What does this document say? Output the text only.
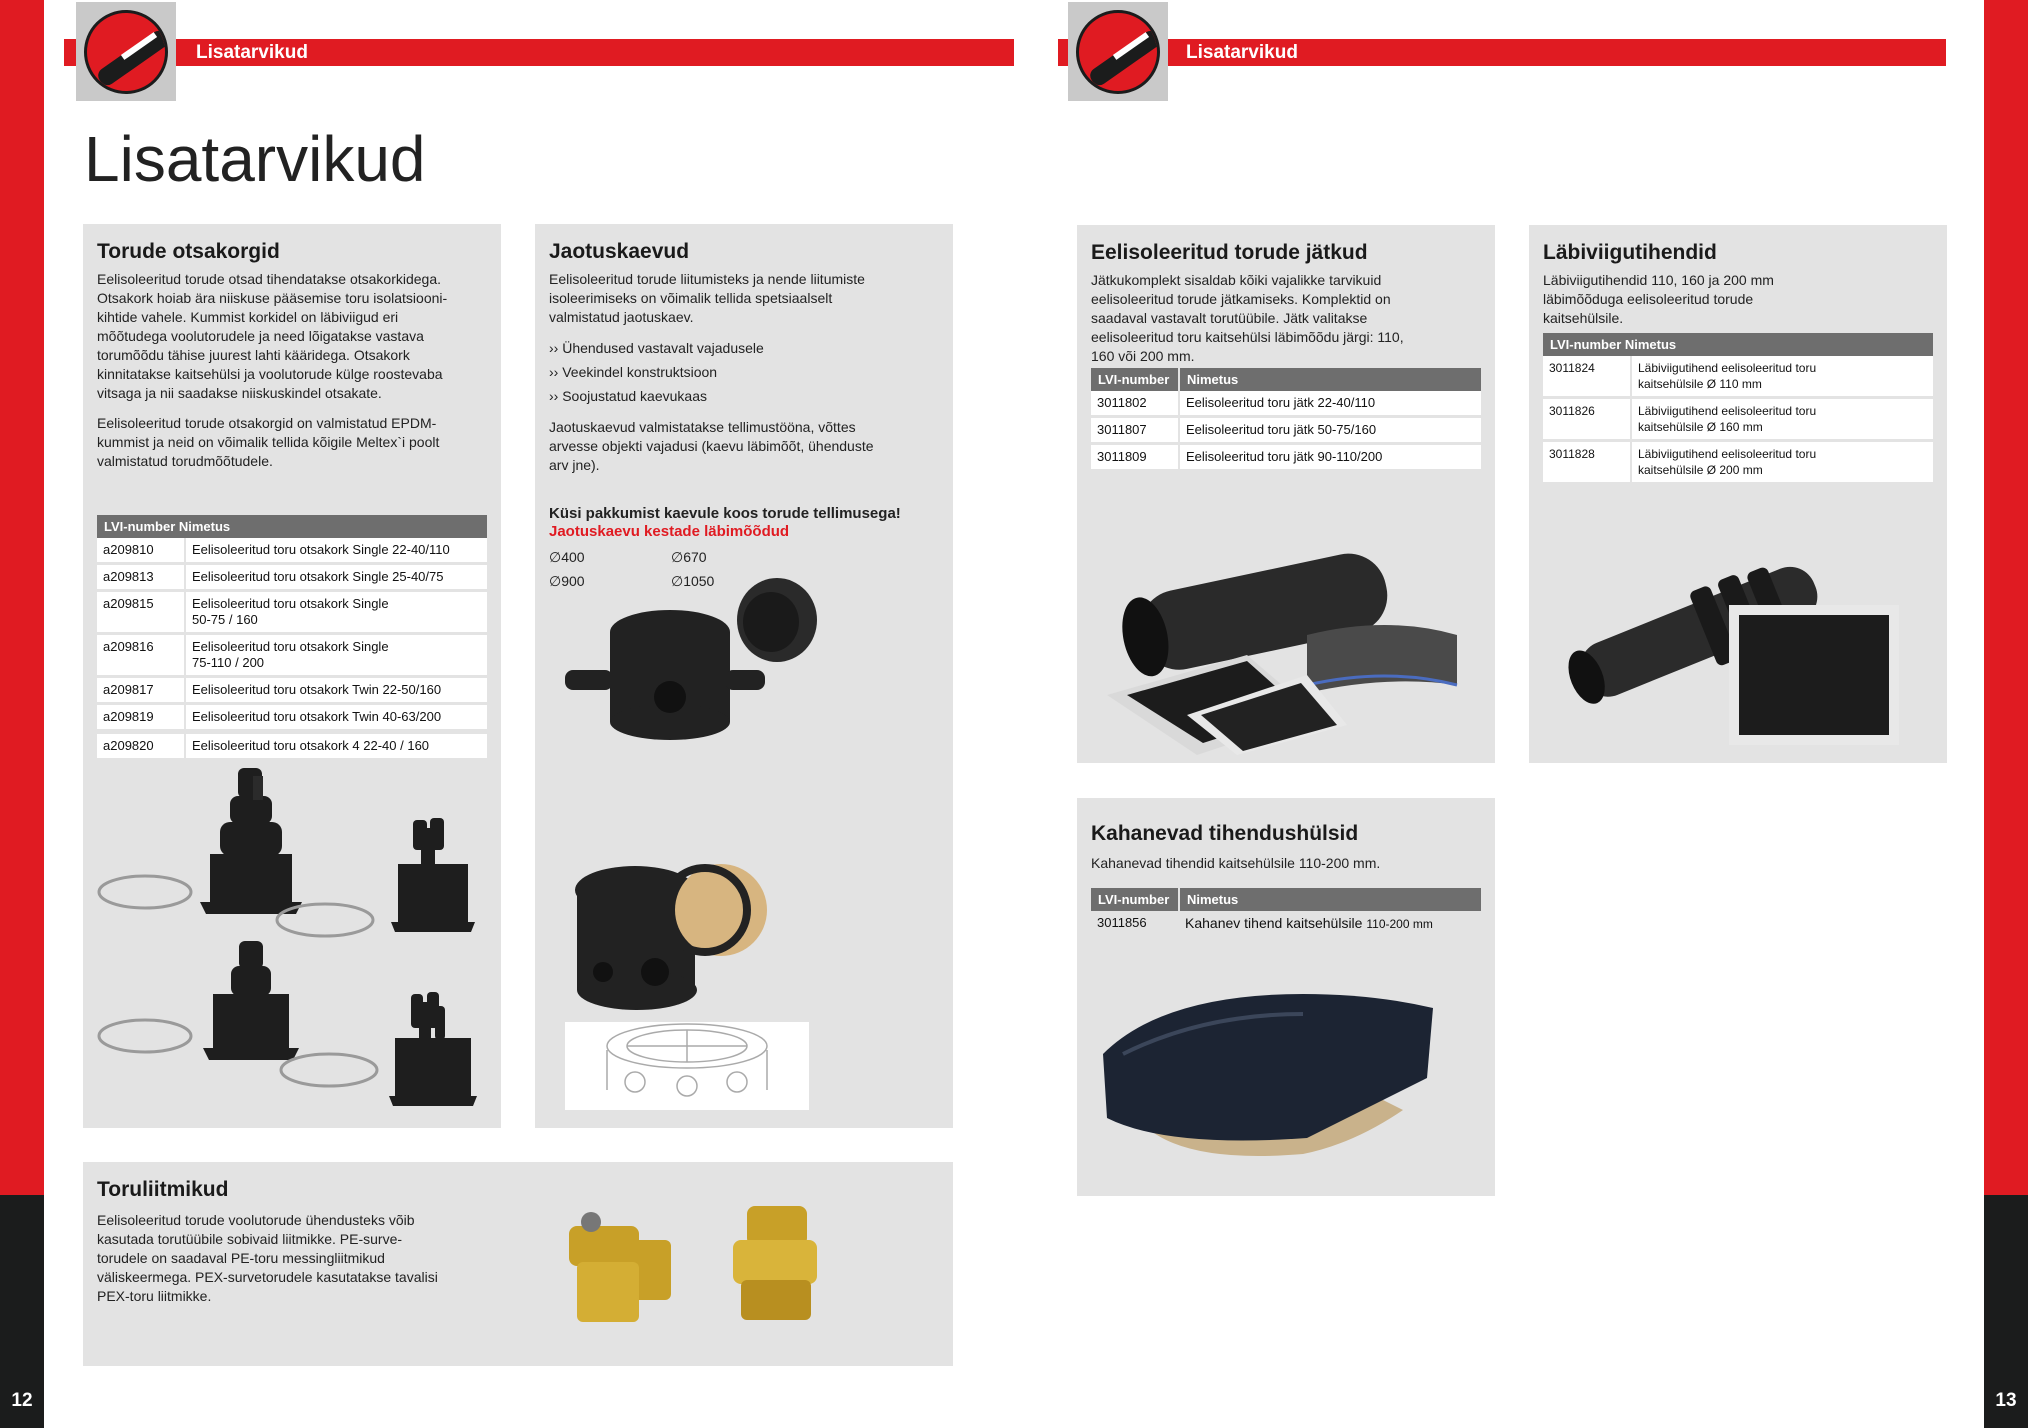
12	13
Lisatarvikud	Lisatarvikud
Lisatarvikud
Torude otsakorgid
Eelisoleeritud torude otsad tihendatakse otsakorkidega.
Otsakork hoiab ära niiskuse pääsemise toru isolatsiooni-
kihtide vahele. Kummist korkidel on läbiviigud eri
mõõtudega voolutorudele ja need lõigatakse vastava
torumõõdu tähise juurest lahti kääridega. Otsakork
kinnitatakse kaitsehülsi ja voolutorude külge roostevaba
vitsaga ja nii saadakse niiskuskindel otsakate.
Eelisoleeritud torude otsakorgid on valmistatud EPDM-
kummist ja neid on võimalik tellida kõigile Meltex`i poolt
valmistatud torudmõõtudele.
LVI-number Nimetus	
a209810	Eelisoleeritud toru otsakork Single 22-40/110
a209813	Eelisoleeritud toru otsakork Single 25-40/75
a209815	Eelisoleeritud toru otsakork Single
50-75 / 160

a209816	Eelisoleeritud toru otsakork Single
75-110 / 200

a209817	Eelisoleeritud toru otsakork Twin 22-50/160
a209819	Eelisoleeritud toru otsakork Twin 40-63/200
a209820	Eelisoleeritud toru otsakork 4 22-40 / 160
Jaotuskaevud
Eelisoleeritud torude liitumisteks ja nende liitumiste
isoleerimiseks on võimalik tellida spetsiaalselt
valmistatud jaotuskaev.
›› Ühendused vastavalt vajadusele
›› Veekindel konstruktsioon
›› Soojustatud kaevukaas
Jaotuskaevud valmistatakse tellimustööna, võttes
arvesse objekti vajadusi (kaevu läbimõõt, ühenduste
arv jne).
Küsi pakkumist kaevule koos torude tellimusega!
Jaotuskaevu kestade läbimõõdud
∅400	∅670
∅900	∅1050
Toruliitmikud
Eelisoleeritud torude voolutorude ühendusteks võib
kasutada torutüübile sobivaid liitmikke. PE-surve-
torudele on saadaval PE-toru messingliitmikud
väliskeermega. PEX-survetorudele kasutatakse tavalisi
PEX-toru liitmikke.
Eelisoleeritud torude jätkud
Jätkukomplekt sisaldab kõiki vajalikke tarvikuid
eelisoleeritud torude jätkamiseks. Komplektid on
saadaval vastavalt torutüübile. Jätk valitakse
eelisoleeritud toru kaitsehülsi läbimõõdu järgi: 110,
160 või 200 mm.
LVI-number	Nimetus
3011802	Eelisoleeritud toru jätk 22-40/110
3011807	Eelisoleeritud toru jätk 50-75/160
3011809	Eelisoleeritud toru jätk 90-110/200
Läbiviigutihendid
Läbiviigutihendid 110, 160 ja 200 mm
läbimõõduga eelisoleeritud torude
kaitsehülsile.
LVI-number Nimetus	
3011824	Läbiviigutihend eelisoleeritud toru
kaitsehülsile Ø 110 mm

3011826	Läbiviigutihend eelisoleeritud toru
kaitsehülsile Ø 160 mm

3011828	Läbiviigutihend eelisoleeritud toru
kaitsehülsile Ø 200 mm
Kahanevad tihendushülsid
Kahanevad tihendid kaitsehülsile 110-200 mm.
LVI-number	Nimetus
3011856	Kahanev tihend kaitsehülsile 110-200 mm
